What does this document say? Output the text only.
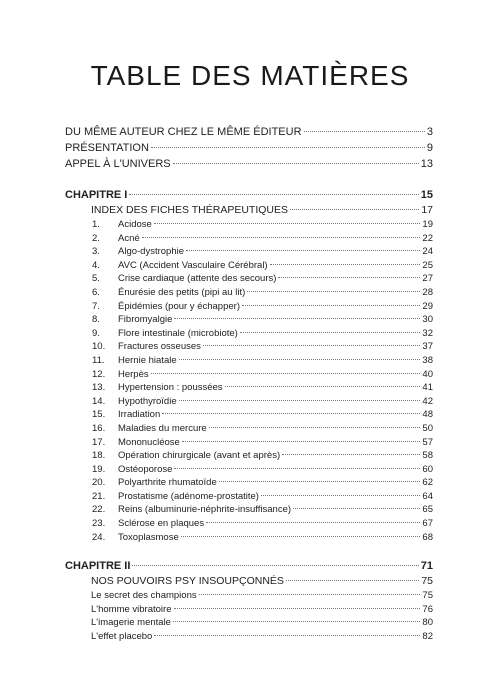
TABLE DES MATIÈRES
DU MÊME AUTEUR CHEZ LE MÊME ÉDITEUR	3
PRÉSENTATION	9
APPEL À L'UNIVERS	13
CHAPITRE I	15
INDEX DES FICHES THÉRAPEUTIQUES	17
1.	Acidose	19
2.	Acné	22
3.	Algo-dystrophie	24
4.	AVC (Accident Vasculaire Cérébral)	25
5.	Crise cardiaque (attente des secours)	27
6.	Énurésie des petits (pipi au lit)	28
7.	Épidémies (pour y échapper)	29
8.	Fibromyalgie	30
9.	Flore intestinale (microbiote)	32
10.	Fractures osseuses	37
11.	Hernie hiatale	38
12.	Herpès	40
13.	Hypertension : poussées	41
14.	Hypothyroïdie	42
15.	Irradiation	48
16.	Maladies du mercure	50
17.	Mononucléose	57
18.	Opération chirurgicale (avant et après)	58
19.	Ostéoporose	60
20.	Polyarthrite rhumatoïde	62
21.	Prostatisme (adénome-prostatite)	64
22.	Reins (albuminurie-néphrite-insuffisance)	65
23.	Sclérose en plaques	67
24.	Toxoplasmose	68
CHAPITRE II	71
NOS POUVOIRS PSY INSOUPÇONNÉS	75
Le secret des champions	75
L'homme vibratoire	76
L'imagerie mentale	80
L'effet placebo	82
